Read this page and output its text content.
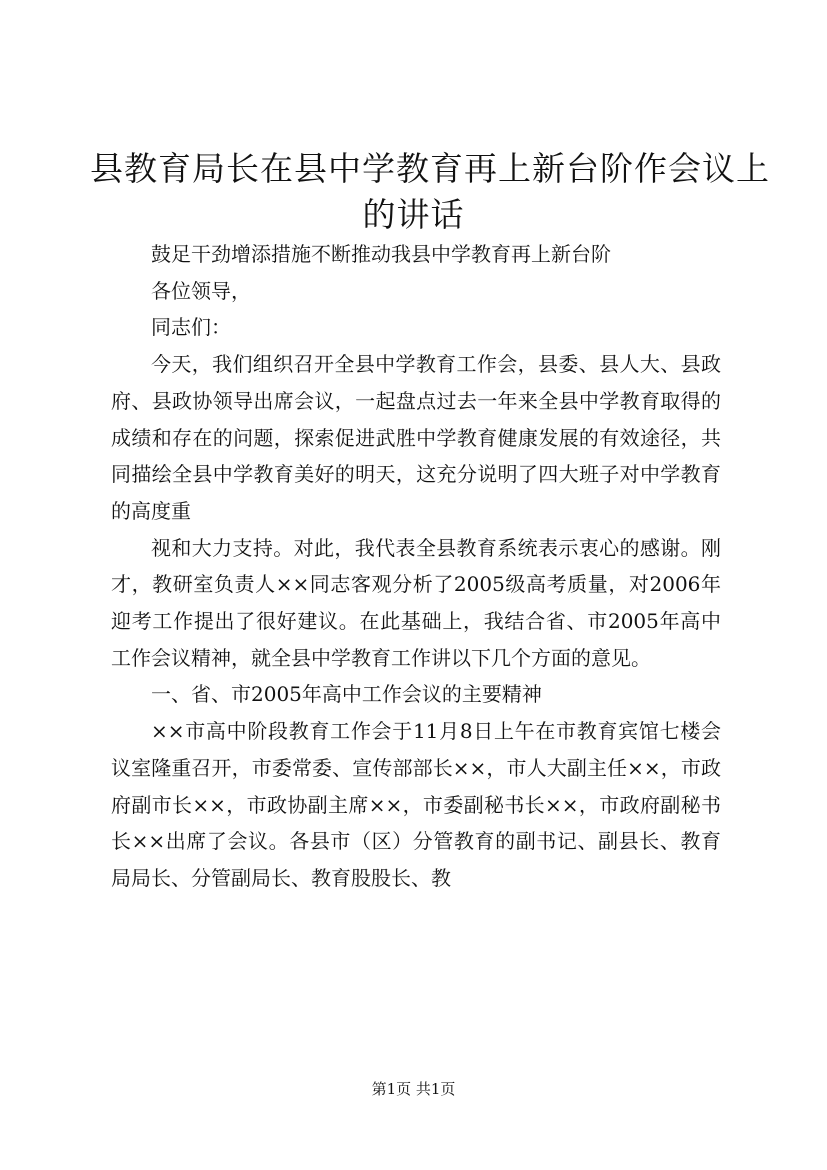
县教育局长在县中学教育再上新台阶作会议上
的讲话

鼓足干劲增添措施不断推动我县中学教育再上新台阶

各位领导，

同志们：

今天，我们组织召开全县中学教育工作会，县委、县人大、县政府、县政协领导出席会议，一起盘点过去一年来全县中学教育取得的成绩和存在的问题，探索促进武胜中学教育健康发展的有效途径，共同描绘全县中学教育美好的明天，这充分说明了四大班子对中学教育的高度重

视和大力支持。对此，我代表全县教育系统表示衷心的感谢。刚才，教研室负责人××同志客观分析了2005级高考质量，对2006年迎考工作提出了很好建议。在此基础上，我结合省、市2005年高中工作会议精神，就全县中学教育工作讲以下几个方面的意见。

一、省、市2005年高中工作会议的主要精神

××市高中阶段教育工作会于11月8日上午在市教育宾馆七楼会议室隆重召开，市委常委、宣传部部长××，市人大副主任××，市政府副市长××，市政协副主席××，市委副秘书长××，市政府副秘书长××出席了会议。各县市（区）分管教育的副书记、副县长、教育局局长、分管副局长、教育股股长、教

第1页 共1页
